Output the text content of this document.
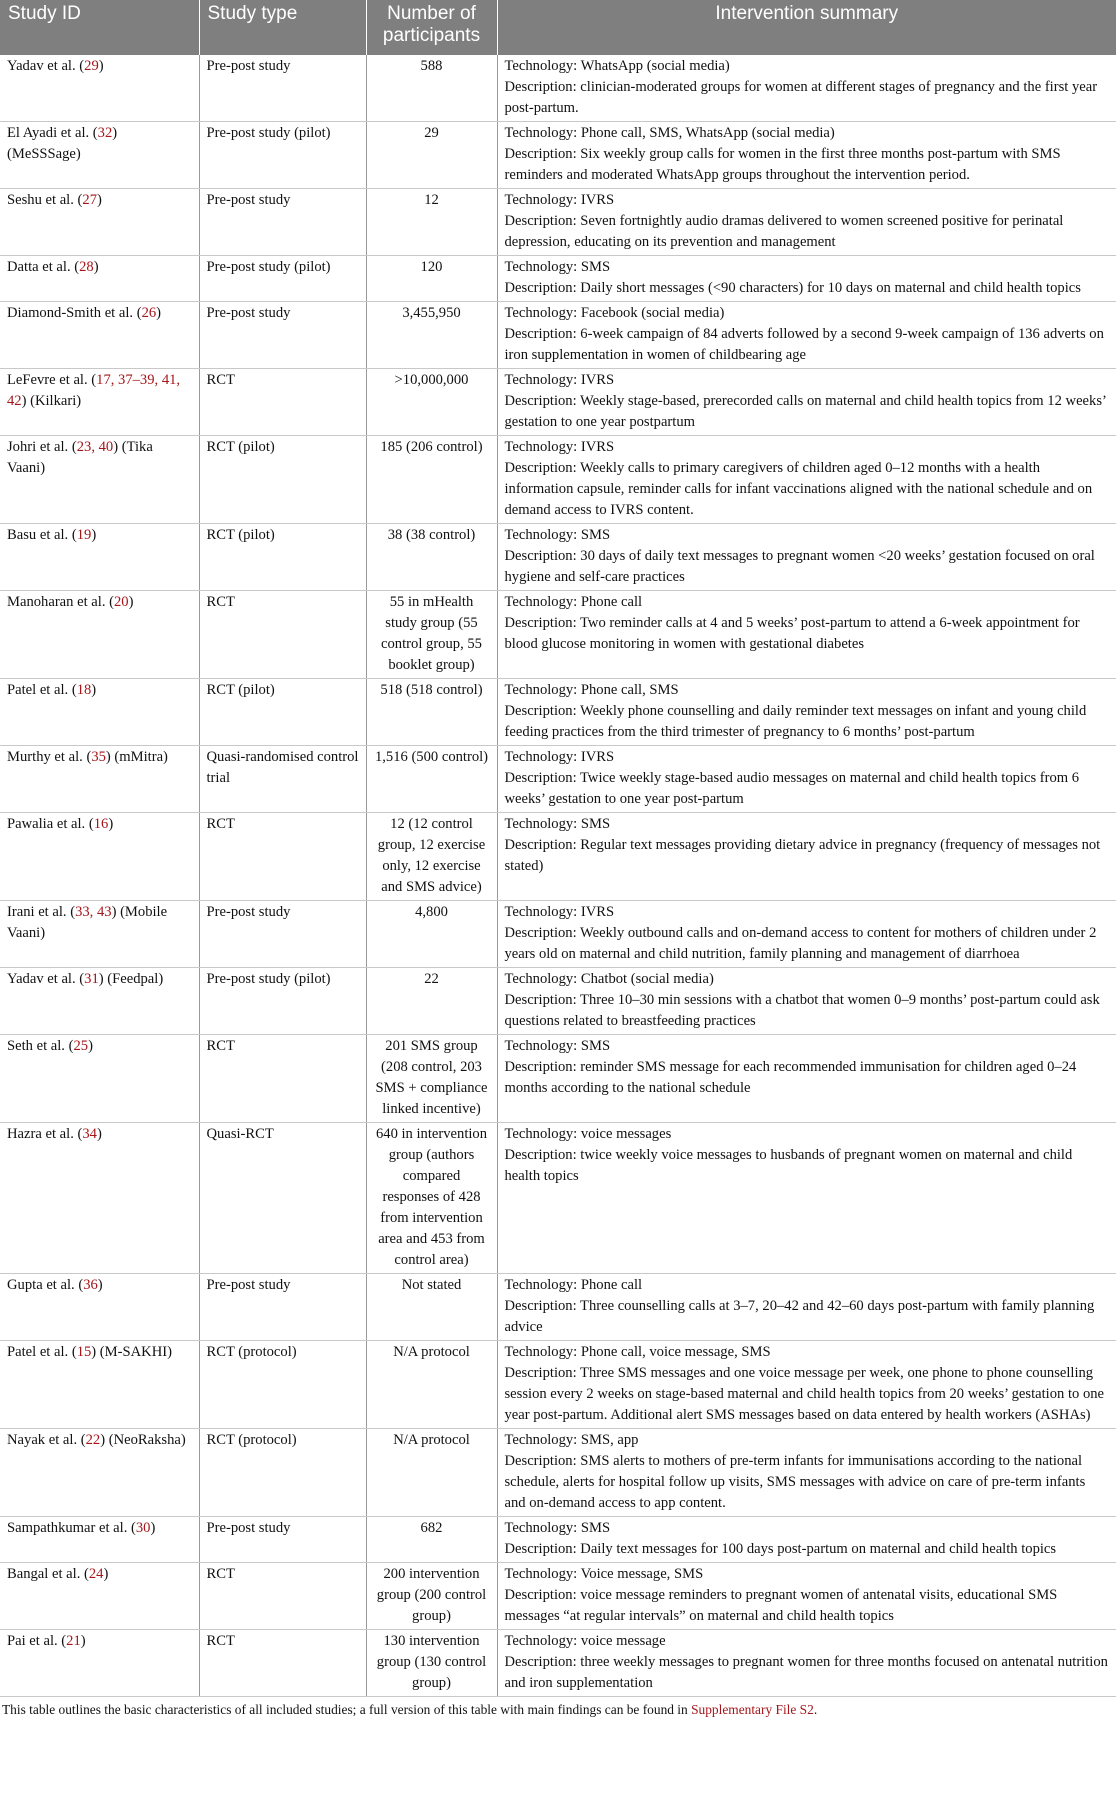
Study ID	Study type	Number of participants	Intervention summary
Yadav et al. (29)	Pre-post study	588	Technology: WhatsApp (social media)
Description: clinician-moderated groups for women at different stages of pregnancy and the first year post-partum.

El Ayadi et al. (32) (MeSSSage)	Pre-post study (pilot)	29	Technology: Phone call, SMS, WhatsApp (social media)
Description: Six weekly group calls for women in the first three months post-partum with SMS reminders and moderated WhatsApp groups throughout the intervention period.

Seshu et al. (27)	Pre-post study	12	Technology: IVRS
Description: Seven fortnightly audio dramas delivered to women screened positive for perinatal depression, educating on its prevention and management

Datta et al. (28)	Pre-post study (pilot)	120	Technology: SMS
Description: Daily short messages (<90 characters) for 10 days on maternal and child health topics

Diamond-Smith et al. (26)	Pre-post study	3,455,950	Technology: Facebook (social media)
Description: 6-week campaign of 84 adverts followed by a second 9-week campaign of 136 adverts on iron supplementation in women of childbearing age

LeFevre et al. (17, 37–39, 41, 42) (Kilkari)	RCT	>10,000,000	Technology: IVRS
Description: Weekly stage-based, prerecorded calls on maternal and child health topics from 12 weeks’ gestation to one year postpartum

Johri et al. (23, 40) (Tika Vaani)	RCT (pilot)	185 (206 control)	Technology: IVRS
Description: Weekly calls to primary caregivers of children aged 0–12 months with a health information capsule, reminder calls for infant vaccinations aligned with the national schedule and on demand access to IVRS content.

Basu et al. (19)	RCT (pilot)	38 (38 control)	Technology: SMS
Description: 30 days of daily text messages to pregnant women <20 weeks’ gestation focused on oral hygiene and self-care practices

Manoharan et al. (20)	RCT	55 in mHealth study group (55 control group, 55 booklet group)	Technology: Phone call
Description: Two reminder calls at 4 and 5 weeks’ post-partum to attend a 6-week appointment for blood glucose monitoring in women with gestational diabetes

Patel et al. (18)	RCT (pilot)	518 (518 control)	Technology: Phone call, SMS
Description: Weekly phone counselling and daily reminder text messages on infant and young child feeding practices from the third trimester of pregnancy to 6 months’ post-partum

Murthy et al. (35) (mMitra)	Quasi-randomised control trial	1,516 (500 control)	Technology: IVRS
Description: Twice weekly stage-based audio messages on maternal and child health topics from 6 weeks’ gestation to one year post-partum

Pawalia et al. (16)	RCT	12 (12 control group, 12 exercise only, 12 exercise and SMS advice)	Technology: SMS
Description: Regular text messages providing dietary advice in pregnancy (frequency of messages not stated)

Irani et al. (33, 43) (Mobile Vaani)	Pre-post study	4,800	Technology: IVRS
Description: Weekly outbound calls and on-demand access to content for mothers of children under 2 years old on maternal and child nutrition, family planning and management of diarrhoea

Yadav et al. (31) (Feedpal)	Pre-post study (pilot)	22	Technology: Chatbot (social media)
Description: Three 10–30 min sessions with a chatbot that women 0–9 months’ post-partum could ask questions related to breastfeeding practices

Seth et al. (25)	RCT	201 SMS group (208 control, 203 SMS + compliance linked incentive)	Technology: SMS
Description: reminder SMS message for each recommended immunisation for children aged 0–24 months according to the national schedule

Hazra et al. (34)	Quasi-RCT	640 in intervention group (authors compared responses of 428 from intervention area and 453 from control area)	Technology: voice messages
Description: twice weekly voice messages to husbands of pregnant women on maternal and child health topics

Gupta et al. (36)	Pre-post study	Not stated	Technology: Phone call
Description: Three counselling calls at 3–7, 20–42 and 42–60 days post-partum with family planning advice

Patel et al. (15) (M-SAKHI)	RCT (protocol)	N/A protocol	Technology: Phone call, voice message, SMS
Description: Three SMS messages and one voice message per week, one phone to phone counselling session every 2 weeks on stage-based maternal and child health topics from 20 weeks’ gestation to one year post-partum. Additional alert SMS messages based on data entered by health workers (ASHAs)

Nayak et al. (22) (NeoRaksha)	RCT (protocol)	N/A protocol	Technology: SMS, app
Description: SMS alerts to mothers of pre-term infants for immunisations according to the national schedule, alerts for hospital follow up visits, SMS messages with advice on care of pre-term infants and on-demand access to app content.

Sampathkumar et al. (30)	Pre-post study	682	Technology: SMS
Description: Daily text messages for 100 days post-partum on maternal and child health topics

Bangal et al. (24)	RCT	200 intervention group (200 control group)	Technology: Voice message, SMS
Description: voice message reminders to pregnant women of antenatal visits, educational SMS messages “at regular intervals” on maternal and child health topics

Pai et al. (21)	RCT	130 intervention group (130 control group)	Technology: voice message
Description: three weekly messages to pregnant women for three months focused on antenatal nutrition and iron supplementation
This table outlines the basic characteristics of all included studies; a full version of this table with main findings can be found in Supplementary File S2.
